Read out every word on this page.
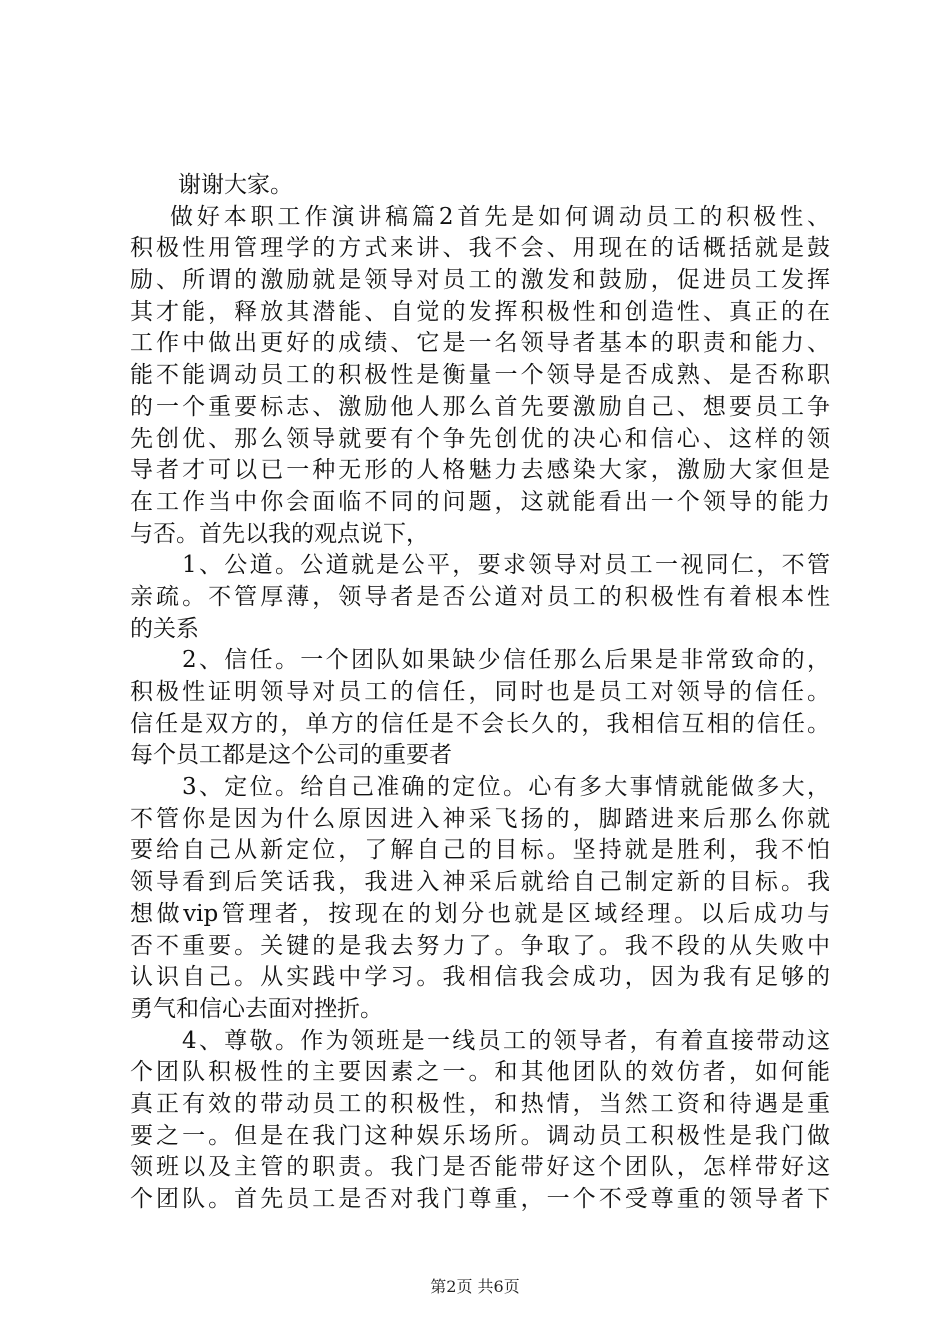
谢谢大家。
做好本职工作演讲稿篇2首先是如何调动员工的积极性、
积极性用管理学的方式来讲、我不会、用现在的话概括就是鼓
励、所谓的激励就是领导对员工的激发和鼓励，促进员工发挥
其才能，释放其潜能、自觉的发挥积极性和创造性、真正的在
工作中做出更好的成绩、它是一名领导者基本的职责和能力、
能不能调动员工的积极性是衡量一个领导是否成熟、是否称职
的一个重要标志、激励他人那么首先要激励自己、想要员工争
先创优、那么领导就要有个争先创优的决心和信心、这样的领
导者才可以已一种无形的人格魅力去感染大家，激励大家但是
在工作当中你会面临不同的问题，这就能看出一个领导的能力
与否。首先以我的观点说下，
1、公道。公道就是公平，要求领导对员工一视同仁，不管
亲疏。不管厚薄，领导者是否公道对员工的积极性有着根本性
的关系
2、信任。一个团队如果缺少信任那么后果是非常致命的，
积极性证明领导对员工的信任，同时也是员工对领导的信任。
信任是双方的，单方的信任是不会长久的，我相信互相的信任。
每个员工都是这个公司的重要者
3、定位。给自己准确的定位。心有多大事情就能做多大，
不管你是因为什么原因进入神采飞扬的，脚踏进来后那么你就
要给自己从新定位，了解自己的目标。坚持就是胜利，我不怕
领导看到后笑话我，我进入神采后就给自己制定新的目标。我
想做vip管理者，按现在的划分也就是区域经理。以后成功与
否不重要。关键的是我去努力了。争取了。我不段的从失败中
认识自己。从实践中学习。我相信我会成功，因为我有足够的
勇气和信心去面对挫折。
4、尊敬。作为领班是一线员工的领导者，有着直接带动这
个团队积极性的主要因素之一。和其他团队的效仿者，如何能
真正有效的带动员工的积极性，和热情，当然工资和待遇是重
要之一。但是在我门这种娱乐场所。调动员工积极性是我门做
领班以及主管的职责。我门是否能带好这个团队，怎样带好这
个团队。首先员工是否对我门尊重，一个不受尊重的领导者下
第2页 共6页
